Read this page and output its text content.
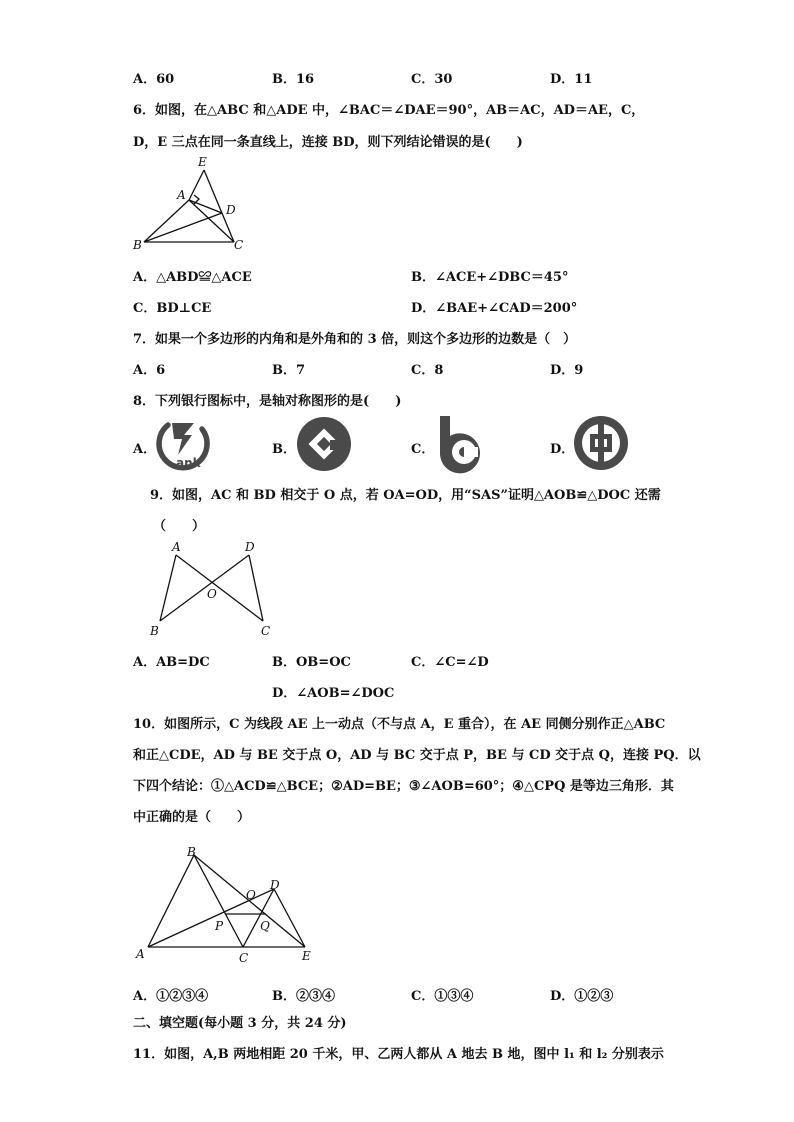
A．60	B．16	C．30	D．11
6．如图，在△ABC 和△ADE 中，∠BAC＝∠DAE＝90°，AB＝AC，AD＝AE，C，
D，E 三点在同一条直线上，连接 BD，则下列结论错误的是(　　)
E
A
D
B	C
A．△ABD≌△ACE	B．∠ACE+∠DBC＝45°
C．BD⊥CE	D．∠BAE+∠CAD＝200°
7．如果一个多边形的内角和是外角和的 3 倍，则这个多边形的边数是（　）
A．6	B．7	C．8	D．9
8．下列银行图标中，是轴对称图形的是(　　)
A．
ank
B．	C．	D．
9．如图，AC 和 BD 相交于 O 点，若 OA=OD，用“SAS”证明△AOB≌△DOC 还需
（　　）
A	D
O
B	C
A．AB=DC	B．OB=OC	C．∠C=∠D
D．∠AOB=∠DOC
10．如图所示，C 为线段 AE 上一动点（不与点 A，E 重合），在 AE 同侧分别作正△ABC
和正△CDE，AD 与 BE 交于点 O，AD 与 BC 交于点 P，BE 与 CD 交于点 Q，连接 PQ．以
下四个结论：①△ACD≌△BCE；②AD=BE；③∠AOB=60°；④△CPQ 是等边三角形．其
中正确的是（　　）
B
D
O
P	Q
A	C	E
A．①②③④	B．②③④	C．①③④	D．①②③
二、填空题(每小题 3 分，共 24 分)
11．如图，A,B 两地相距 20 千米，甲、乙两人都从 A 地去 B 地，图中 l₁ 和 l₂ 分别表示
